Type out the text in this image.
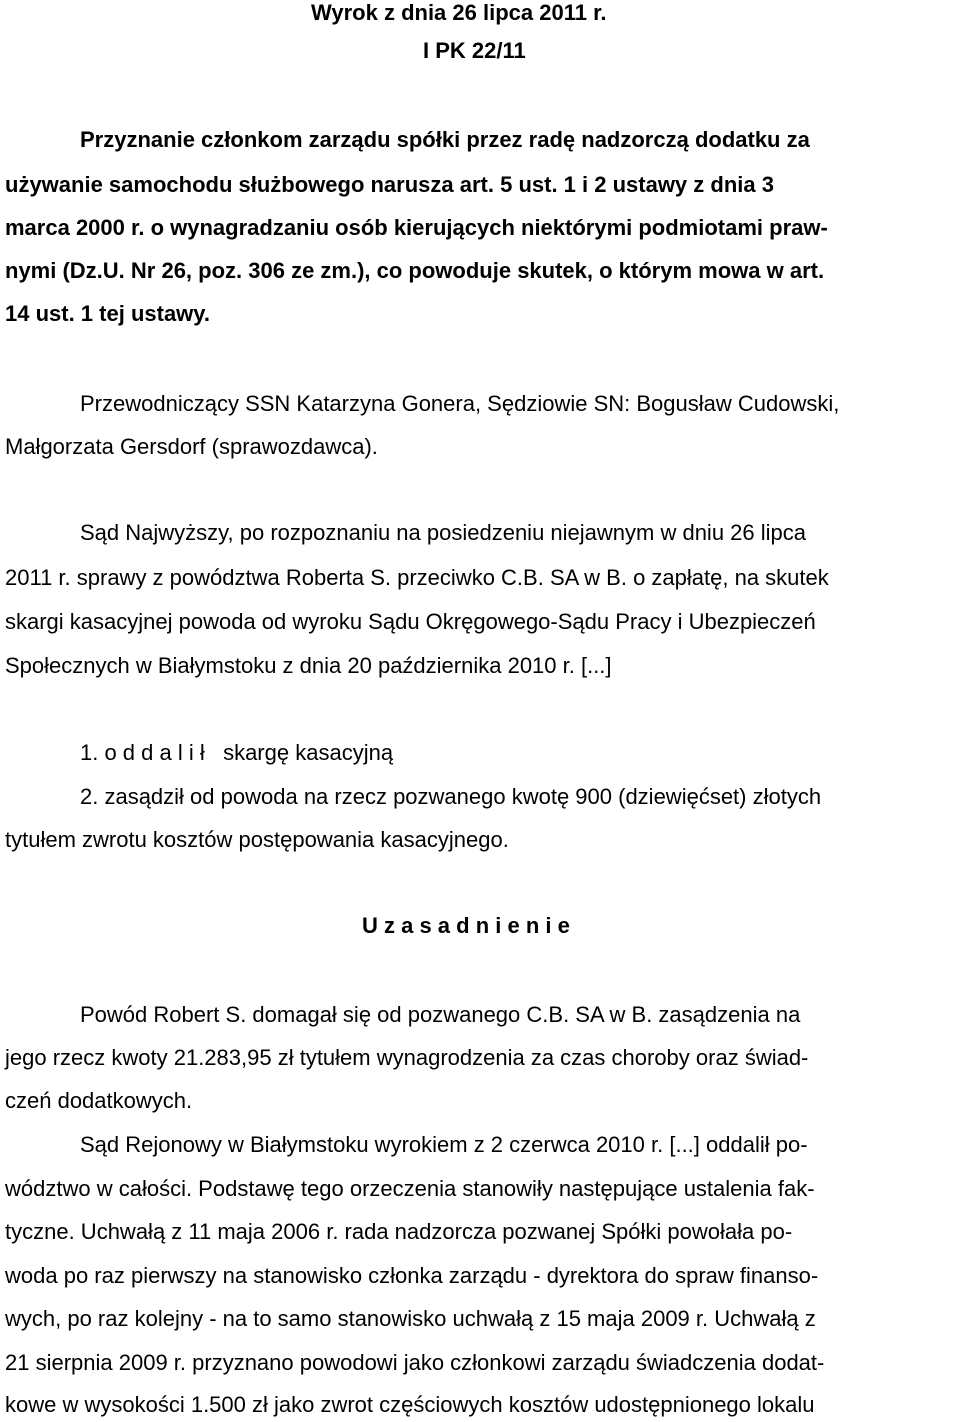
Wyrok z dnia 26 lipca 2011 r.
I PK 22/11
Przyznanie członkom zarządu spółki przez radę nadzorczą dodatku za
używanie samochodu służbowego narusza art. 5 ust. 1 i 2 ustawy z dnia 3
marca 2000 r. o wynagradzaniu osób kierujących niektórymi podmiotami praw-
nymi (Dz.U. Nr 26, poz. 306 ze zm.), co powoduje skutek, o którym mowa w art.
14 ust. 1 tej ustawy.
Przewodniczący SSN Katarzyna Gonera, Sędziowie SN: Bogusław Cudowski,
Małgorzata Gersdorf (sprawozdawca).
Sąd Najwyższy, po rozpoznaniu na posiedzeniu niejawnym w dniu 26 lipca
2011 r. sprawy z powództwa Roberta S. przeciwko C.B. SA w B. o zapłatę, na skutek
skargi kasacyjnej powoda od wyroku Sądu Okręgowego-Sądu Pracy i Ubezpieczeń
Społecznych w Białymstoku z dnia 20 października 2010 r. [...]
1. o d d a l i ł   skargę kasacyjną
2. zasądził od powoda na rzecz pozwanego kwotę 900 (dziewięćset) złotych
tytułem zwrotu kosztów postępowania kasacyjnego.
U z a s a d n i e n i e
Powód Robert S. domagał się od pozwanego C.B. SA w B. zasądzenia na
jego rzecz kwoty 21.283,95 zł tytułem wynagrodzenia za czas choroby oraz świad-
czeń dodatkowych.
Sąd Rejonowy w Białymstoku wyrokiem z 2 czerwca 2010 r. [...] oddalił po-
wództwo w całości. Podstawę tego orzeczenia stanowiły następujące ustalenia fak-
tyczne. Uchwałą z 11 maja 2006 r. rada nadzorcza pozwanej Spółki powołała po-
woda po raz pierwszy na stanowisko członka zarządu - dyrektora do spraw finanso-
wych, po raz kolejny - na to samo stanowisko uchwałą z 15 maja 2009 r. Uchwałą z
21 sierpnia 2009 r. przyznano powodowi jako członkowi zarządu świadczenia dodat-
kowe w wysokości 1.500 zł jako zwrot częściowych kosztów udostępnionego lokalu
